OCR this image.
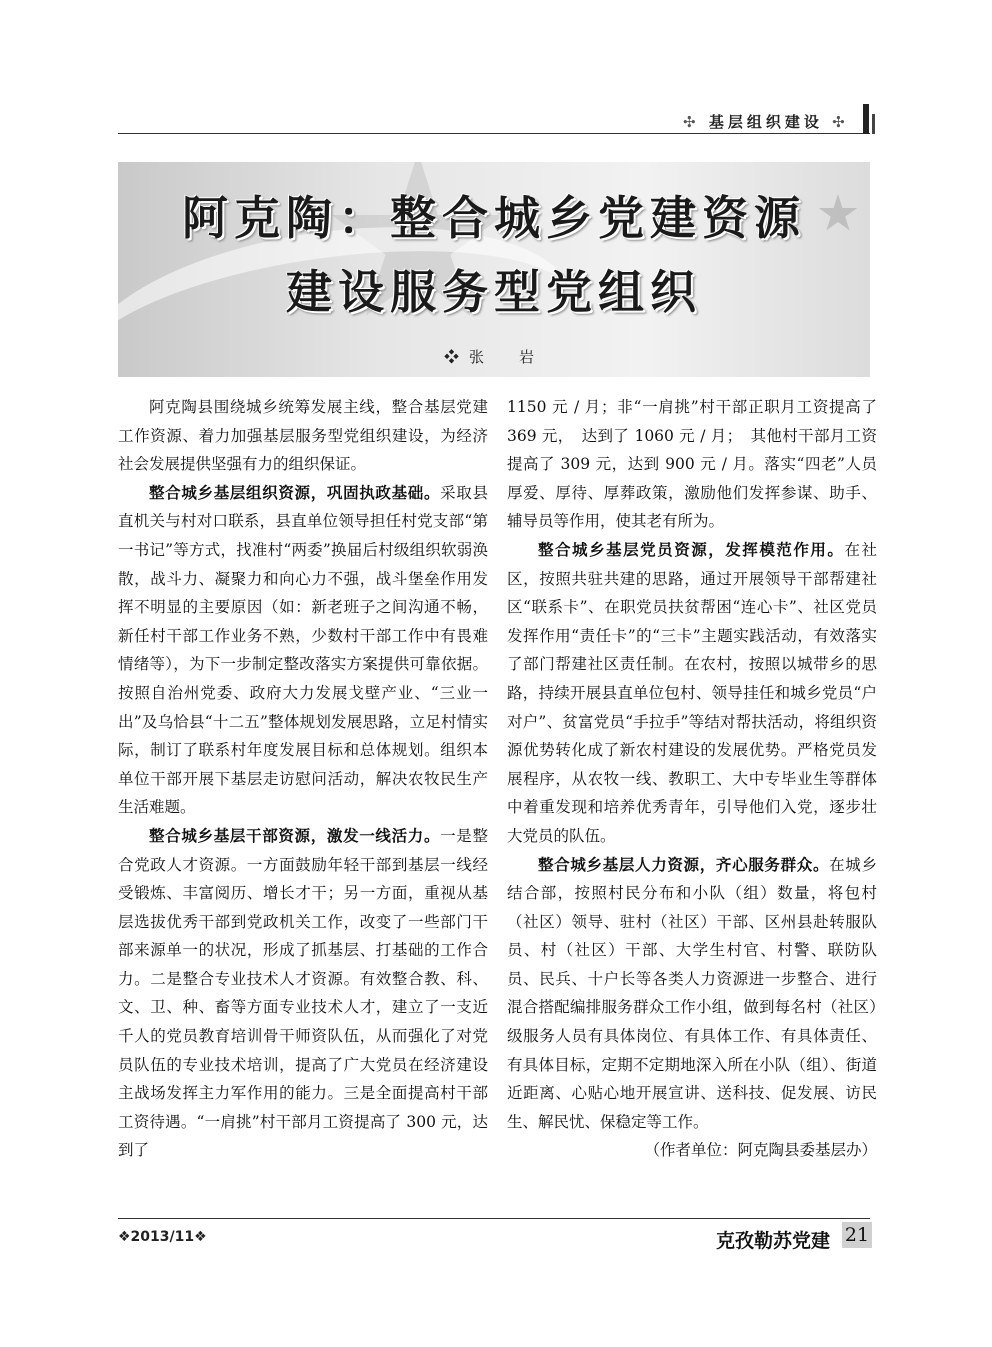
✣ 基层组织建设 ✣
阿克陶：整合城乡党建资源
建设服务型党组织
❖张　岩

阿克陶县围绕城乡统筹发展主线，整合基层党建工作资源、着力加强基层服务型党组织建设，为经济社会发展提供坚强有力的组织保证。

整合城乡基层组织资源，巩固执政基础。采取县直机关与村对口联系，县直单位领导担任村党支部“第一书记”等方式，找准村“两委”换届后村级组织软弱涣散，战斗力、凝聚力和向心力不强，战斗堡垒作用发挥不明显的主要原因（如：新老班子之间沟通不畅，新任村干部工作业务不熟，少数村干部工作中有畏难情绪等），为下一步制定整改落实方案提供可靠依据。按照自治州党委、政府大力发展戈壁产业、“三业一出”及乌恰县“十二五”整体规划发展思路，立足村情实际，制订了联系村年度发展目标和总体规划。组织本单位干部开展下基层走访慰问活动，解决农牧民生产生活难题。

整合城乡基层干部资源，激发一线活力。一是整合党政人才资源。一方面鼓励年轻干部到基层一线经受锻炼、丰富阅历、增长才干；另一方面，重视从基层选拔优秀干部到党政机关工作，改变了一些部门干部来源单一的状况，形成了抓基层、打基础的工作合力。二是整合专业技术人才资源。有效整合教、科、文、卫、种、畜等方面专业技术人才，建立了一支近千人的党员教育培训骨干师资队伍，从而强化了对党员队伍的专业技术培训，提高了广大党员在经济建设主战场发挥主力军作用的能力。三是全面提高村干部工资待遇。“一肩挑”村干部月工资提高了 300 元，达到了

1150 元 / 月；非“一肩挑”村干部正职月工资提高了 369 元，　达到了 1060 元 / 月；　其他村干部月工资提高了 309 元，达到 900 元 / 月。落实“四老”人员厚爱、厚待、厚葬政策，激励他们发挥参谋、助手、辅导员等作用，使其老有所为。

整合城乡基层党员资源，发挥模范作用。在社区，按照共驻共建的思路，通过开展领导干部帮建社区“联系卡”、在职党员扶贫帮困“连心卡”、社区党员发挥作用“责任卡”的“三卡”主题实践活动，有效落实了部门帮建社区责任制。在农村，按照以城带乡的思路，持续开展县直单位包村、领导挂任和城乡党员“户对户”、贫富党员“手拉手”等结对帮扶活动，将组织资源优势转化成了新农村建设的发展优势。严格党员发展程序，从农牧一线、教职工、大中专毕业生等群体中着重发现和培养优秀青年，引导他们入党，逐步壮大党员的队伍。

整合城乡基层人力资源，齐心服务群众。在城乡结合部，按照村民分布和小队（组）数量，将包村（社区）领导、驻村（社区）干部、区州县赴转服队员、村（社区）干部、大学生村官、村警、联防队员、民兵、十户长等各类人力资源进一步整合、进行混合搭配编排服务群众工作小组，做到每名村（社区）级服务人员有具体岗位、有具体工作、有具体责任、有具体目标，定期不定期地深入所在小队（组）、街道近距离、心贴心地开展宣讲、送科技、促发展、访民生、解民忧、保稳定等工作。

（作者单位：阿克陶县委基层办）

❖2013/11❖	克孜勒苏党建 21
